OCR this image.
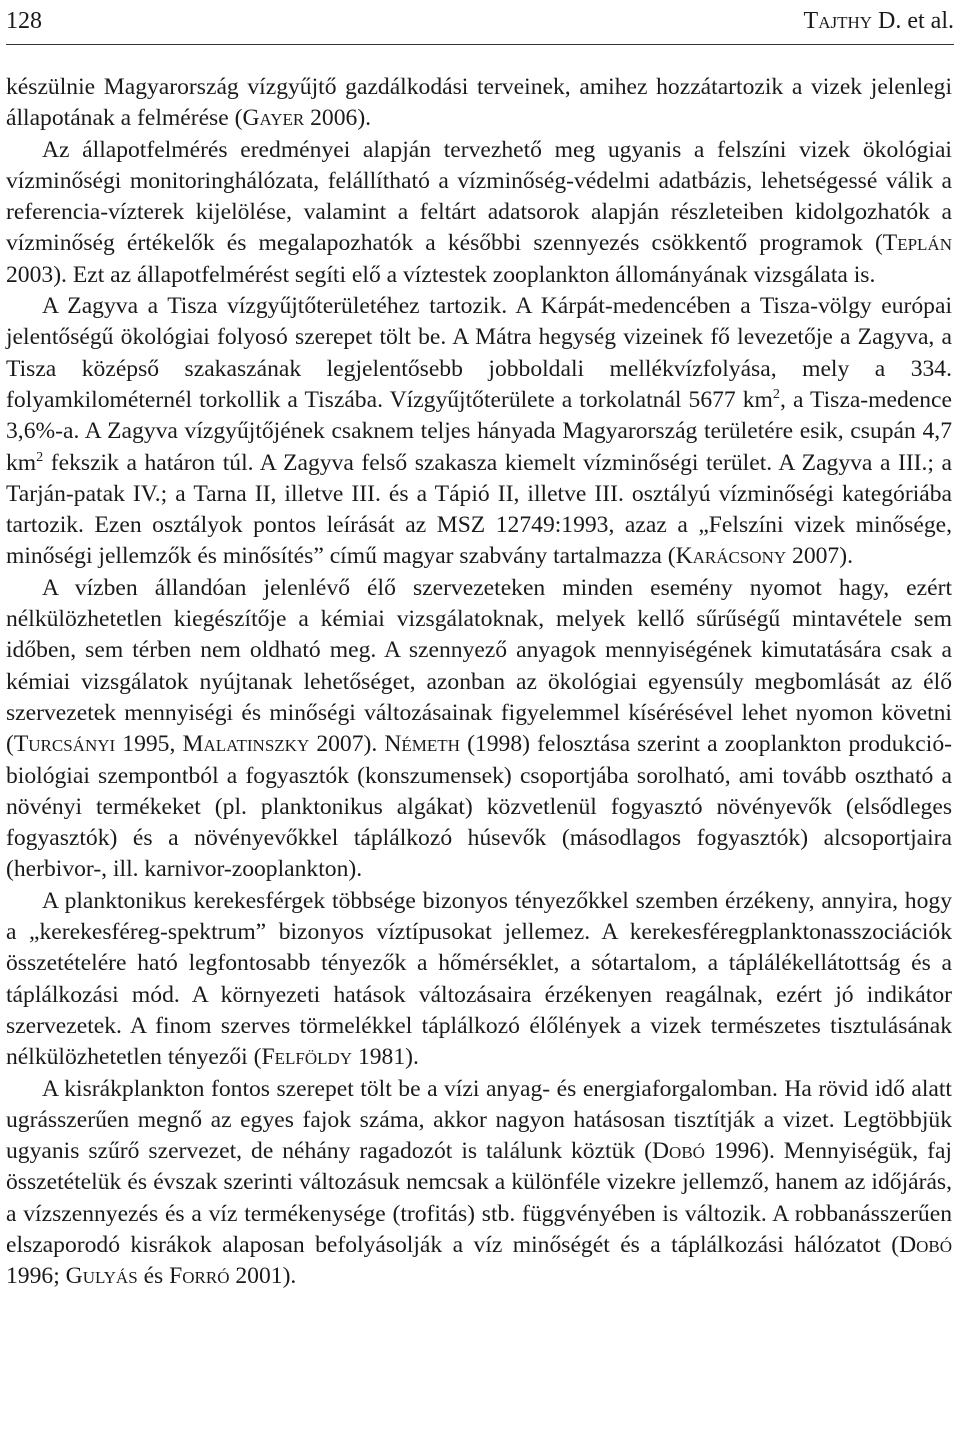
128	Tajthy D. et al.

készülnie Magyarország vízgyűjtő gazdálkodási terveinek, amihez hozzátartozik a vizek jelenlegi állapotának a felmérése (Gayer 2006).

Az állapotfelmérés eredményei alapján tervezhető meg ugyanis a felszíni vizek ökológiai vízminőségi monitoringhálózata, felállítható a vízminőség-védelmi adatbázis, lehetségessé válik a referencia-vízterek kijelölése, valamint a feltárt adatsorok alapján részleteiben kidolgozhatók a vízminőség értékelők és megalapozhatók a későbbi szennyezés csökkentő programok (Teplán 2003). Ezt az állapotfelmérést segíti elő a víztestek zooplankton állományának vizsgálata is.

A Zagyva a Tisza vízgyűjtőterületéhez tartozik. A Kárpát-medencében a Tisza-völgy európai jelentőségű ökológiai folyosó szerepet tölt be. A Mátra hegység vizeinek fő levezetője a Zagyva, a Tisza középső szakaszának legjelentősebb jobboldali mellékvízfolyása, mely a 334. folyamkilométernél torkollik a Tiszába. Vízgyűjtőterülete a torkolatnál 5677 $km^2$, a Tisza-medence 3,6%-a. A Zagyva vízgyűjtőjének csaknem teljes hányada Magyarország területére esik, csupán 4,7 $km^2$ fekszik a határon túl. A Zagyva felső szakasza kiemelt vízminőségi terület. A Zagyva a III.; a Tarján-patak IV.; a Tarna II, illetve III. és a Tápió II, illetve III. osztályú vízminőségi kategóriába tartozik. Ezen osztályok pontos leírását az MSZ 12749:1993, azaz a „Felszíni vizek minősége, minőségi jellemzők és minősítés” című magyar szabvány tartalmazza (Karácsony 2007).

A vízben állandóan jelenlévő élő szervezeteken minden esemény nyomot hagy, ezért nélkülözhetetlen kiegészítője a kémiai vizsgálatoknak, melyek kellő sűrűségű mintavétele sem időben, sem térben nem oldható meg. A szennyező anyagok mennyiségének kimutatására csak a kémiai vizsgálatok nyújtanak lehetőséget, azonban az ökológiai egyensúly megbomlását az élő szervezetek mennyiségi és minőségi változásainak figyelemmel kísérésével lehet nyomon követni (Turcsányi 1995, Malatinszky 2007). Németh (1998) felosztása szerint a zooplankton produkció-biológiai szempontból a fogyasztók (konszumensek) csoportjába sorolható, ami tovább osztható a növényi termékeket (pl. planktonikus algákat) közvetlenül fogyasztó növényevők (elsődleges fogyasztók) és a növényevőkkel táplálkozó húsevők (másodlagos fogyasztók) alcsoportjaira (herbivor-, ill. karnivor-zooplankton).

A planktonikus kerekesférgek többsége bizonyos tényezőkkel szemben érzékeny, annyira, hogy a „kerekesféreg-spektrum” bizonyos víztípusokat jellemez. A kerekesféregplanktonasszociációk összetételére ható legfontosabb tényezők a hőmérséklet, a sótartalom, a táplálékellátottság és a táplálkozási mód. A környezeti hatások változásaira érzékenyen reagálnak, ezért jó indikátor szervezetek. A finom szerves törmelékkel táplálkozó élőlények a vizek természetes tisztulásának nélkülözhetetlen tényezői (Felföldy 1981).

A kisrákplankton fontos szerepet tölt be a vízi anyag- és energiaforgalomban. Ha rövid idő alatt ugrásszerűen megnő az egyes fajok száma, akkor nagyon hatásosan tisztítják a vizet. Legtöbbjük ugyanis szűrő szervezet, de néhány ragadozót is találunk köztük (Dobó 1996). Mennyiségük, faj összetételük és évszak szerinti változásuk nemcsak a különféle vizekre jellemző, hanem az időjárás, a vízszennyezés és a víz termékenysége (trofitás) stb. függvényében is változik. A robbanásszerűen elszaporodó kisrákok alaposan befolyásolják a víz minőségét és a táplálkozási hálózatot (Dobó 1996; Gulyás és Forró 2001).
